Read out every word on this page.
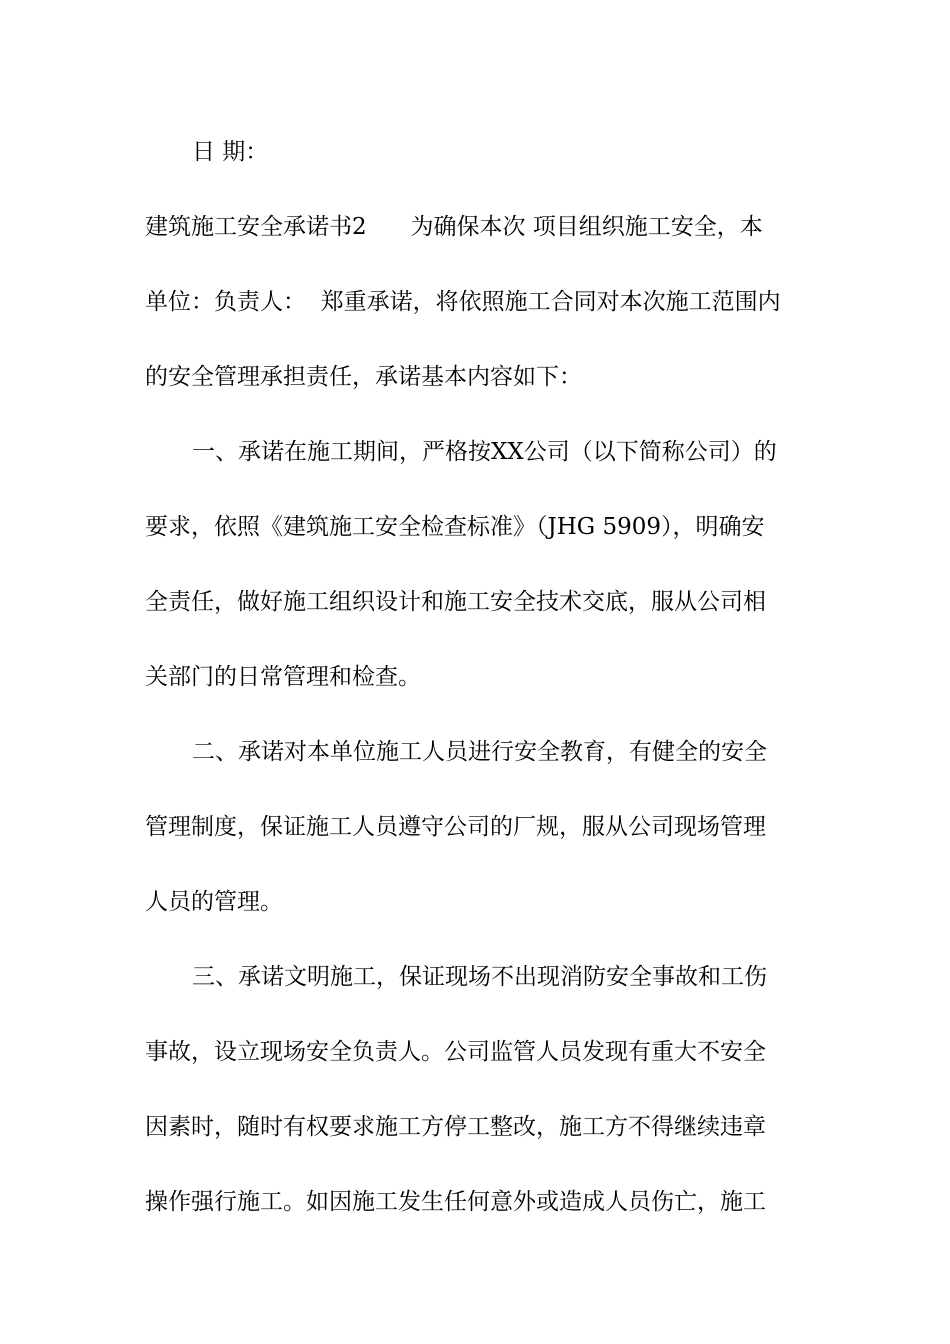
日 期：
建筑施工安全承诺书2      为确保本次 项目组织施工安全，本
单位：负责人：  郑重承诺，将依照施工合同对本次施工范围内
的安全管理承担责任，承诺基本内容如下：
一、承诺在施工期间，严格按XX公司（以下简称公司）的
要求，依照《建筑施工安全检查标准》（JHG 5909），明确安
全责任，做好施工组织设计和施工安全技术交底，服从公司相
关部门的日常管理和检查。
二、承诺对本单位施工人员进行安全教育，有健全的安全
管理制度，保证施工人员遵守公司的厂规，服从公司现场管理
人员的管理。
三、承诺文明施工，保证现场不出现消防安全事故和工伤
事故，设立现场安全负责人。公司监管人员发现有重大不安全
因素时，随时有权要求施工方停工整改，施工方不得继续违章
操作强行施工。如因施工发生任何意外或造成人员伤亡，施工
